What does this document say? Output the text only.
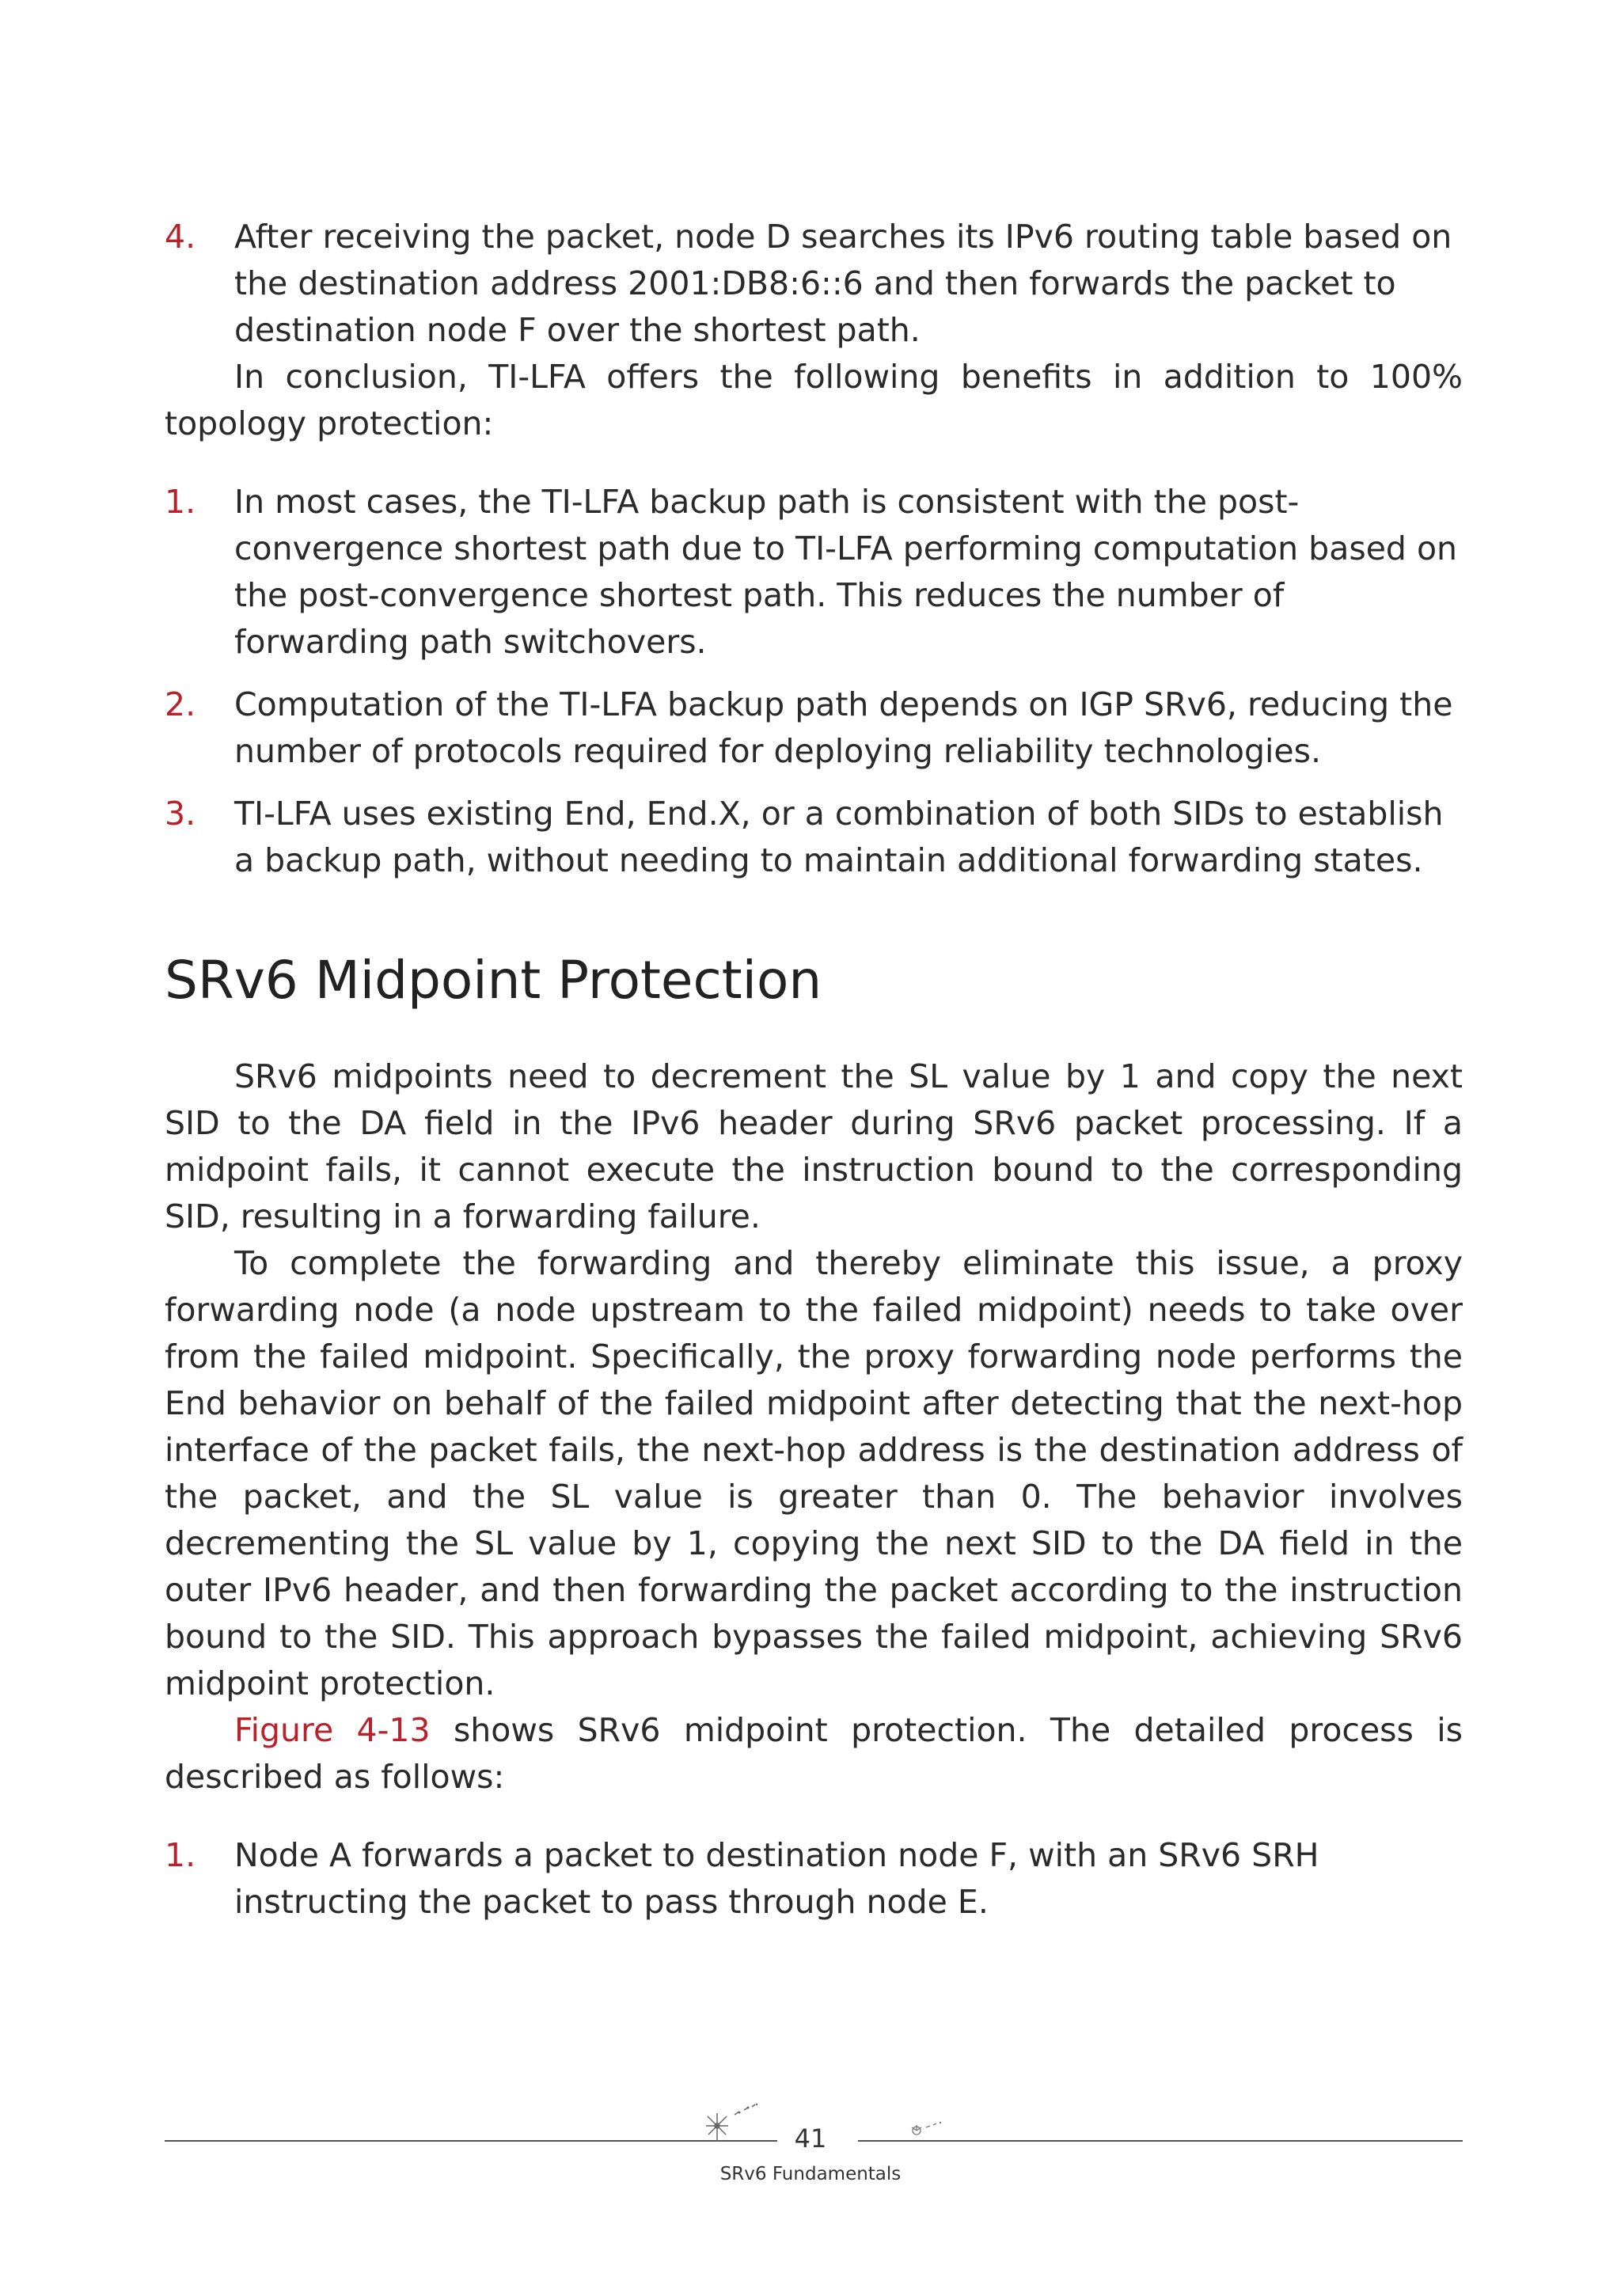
4. After receiving the packet, node D searches its IPv6 routing table based on the destination address 2001:DB8:6::6 and then forwards the packet to destination node F over the shortest path.

In conclusion, TI-LFA offers the following benefits in addition to 100% topology protection:

1. In most cases, the TI-LFA backup path is consistent with the post-convergence shortest path due to TI-LFA performing computation based on the post-convergence shortest path. This reduces the number of forwarding path switchovers.
2. Computation of the TI-LFA backup path depends on IGP SRv6, reducing the number of protocols required for deploying reliability technologies.
3. TI-LFA uses existing End, End.X, or a combination of both SIDs to establish a backup path, without needing to maintain additional forwarding states.
SRv6 Midpoint Protection

SRv6 midpoints need to decrement the SL value by 1 and copy the next SID to the DA field in the IPv6 header during SRv6 packet processing. If a midpoint fails, it cannot execute the instruction bound to the corresponding SID, resulting in a forwarding failure.

To complete the forwarding and thereby eliminate this issue, a proxy forwarding node (a node upstream to the failed midpoint) needs to take over from the failed midpoint. Specifically, the proxy forwarding node performs the End behavior on behalf of the failed midpoint after detecting that the next-hop interface of the packet fails, the next-hop address is the destination address of the packet, and the SL value is greater than 0. The behavior involves decrementing the SL value by 1, copying the next SID to the DA field in the outer IPv6 header, and then forwarding the packet according to the instruction bound to the SID. This approach bypasses the failed midpoint, achieving SRv6 midpoint protection.

Figure 4-13 shows SRv6 midpoint protection. The detailed process is described as follows:

1. Node A forwards a packet to destination node F, with an SRv6 SRH instructing the packet to pass through node E.
41
SRv6 Fundamentals
